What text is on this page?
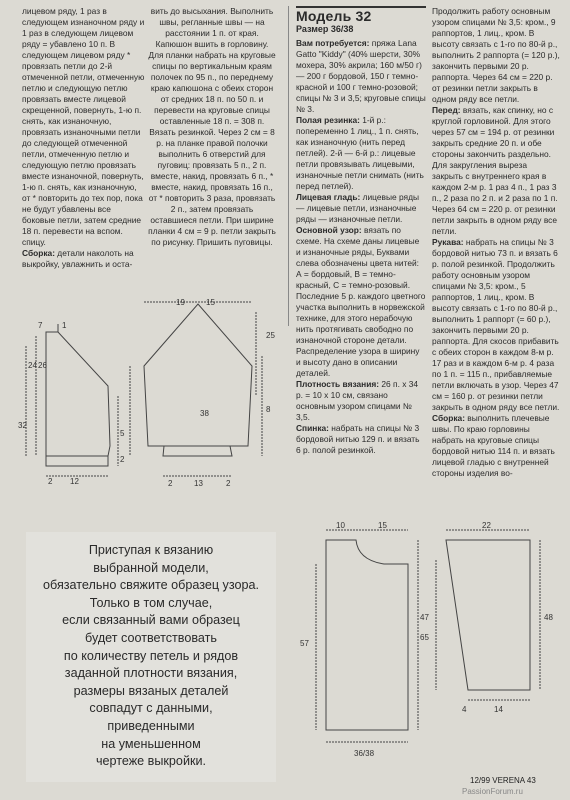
лицевом ряду, 1 раз в следующем изнаночном ряду и 1 раз в следующем лицевом ряду = убавлено 10 п. В следующем лицевом ряду * провязать петли до 2-й отмеченной петли, отмеченную петлю и следующую петлю провязать вместе лицевой скрещенной, повернуть, 1-ю п. снять, как изнаночную, провязать изнаночными петли до следующей отмеченной петли, отмеченную петлю и следующую петлю провязать вместе изнаночной, повернуть, 1-ю п. снять, как изнаночную, от * повторить до тех пор, пока не будут убавлены все боковые петли, затем средние 18 п. перевести на вспом. спицу.

Сборка: детали наколоть на выкройку, увлажнить и оста-

вить до высыхания. Выполнить швы, регланные швы — на расстоянии 1 п. от края. Капюшон вшить в горловину. Для планки набрать на круговые спицы по вертикальным краям полочек по 95 п., по переднему краю капюшона с обеих сторон от средних 18 п. по 50 п. и перевести на круговые спицы оставленные 18 п. = 308 п. Вязать резинкой. Через 2 см = 8 р. на планке правой полочки выполнить 6 отверстий для пуговиц: провязать 5 п., 2 п. вместе, накид, провязать 6 п., * вместе, накид, провязать 16 п., от * повторить 3 раза, провязать 2 п., затем провязать оставшиеся петли. При ширине планки 4 см = 9 р. петли закрыть по рисунку. Пришить пуговицы.

Модель 32
Размер 36/38

Вам потребуется: пряжа Lana Gatto "Kiddy" (40% шерсти, 30% мохера, 30% акрила; 160 м/50 г) — 200 г бордовой, 150 г темно-красной и 100 г темно-розовой; спицы № 3 и 3,5; круговые спицы № 3.

Полая резинка: 1-й р.: попеременно 1 лиц., 1 п. снять, как изнаночную (нить перед петлей). 2-й — 6-й р.: лицевые петли провязывать лицевыми, изнаночные петли снимать (нить перед петлей).

Лицевая гладь: лицевые ряды — лицевые петли, изнаночные ряды — изнаночные петли.

Основной узор: вязать по схеме. На схеме даны лицевые и изнаночные ряды, Буквами слева обозначены цвета нитей: А = бордовый, В = темно-красный, С = темно-розовый. Последние 5 р. каждого цветного участка выполнить в норвежской технике, для этого нерабочую нить протягивать свободно по изнаночной стороне детали. Распределение узора в ширину и высоту дано в описании деталей.

Плотность вязания: 26 п. x 34 р. = 10 x 10 см, связано основным узором спицами № 3,5.

Спинка: набрать на спицы № 3 бордовой нитью 129 п. и вязать 6 р. полой резинкой.

Продолжить работу основным узором спицами № 3,5: кром., 9 раппортов, 1 лиц., кром. В высоту связать с 1-го по 80-й р., выполнить 2 раппорта (= 120 р.), закончить первыми 20 р. раппорта. Через 64 см = 220 р. от резинки петли закрыть в одном ряду все петли.

Перед: вязать, как спинку, но с круглой горловиной. Для этого через 57 см = 194 р. от резинки закрыть средние 20 п. и обе стороны закончить раздельно. Для закругления выреза закрыть с внутреннего края в каждом 2-м р. 1 раз 4 п., 1 раз 3 п., 2 раза по 2 п. и 2 раза по 1 п. Через 64 см = 220 р. от резинки петли закрыть в одном ряду все петли.

Рукава: набрать на спицы № 3 бордовой нитью 73 п. и вязать 6 р. полой резинкой. Продолжить работу основным узором спицами № 3,5: кром., 5 раппортов, 1 лиц., кром. В высоту связать с 1-го по 80-й р., выполнить 1 раппорт (= 60 р.), закончить первыми 20 р. раппорта. Для скосов прибавить с обеих сторон в каждом 8-м р. 17 раз и в каждом 6-м р. 4 раза по 1 п. = 115 п., прибавляемые петли включать в узор. Через 47 см = 160 р. от резинки петли закрыть в одном ряду все петли.

Сборка: выполнить плечевые швы. По краю горловины набрать на круговые спицы бордовой нитью 114 п. и вязать лицевой гладью с внутренней стороны изделия во-

7 1
26
24
32
2 12
5
2
19	15
25
38	8
2	13	2
Приступая к вязанию
выбранной модели,
обязательно свяжите образец узора.
Только в том случае,
если связанный вами образец
будет соответствовать
по количеству петель и рядов
заданной плотности вязания,
размеры вязаных деталей
совпадут с данными,
приведенными
на уменьшенном
чертеже выкройки.
10	15
57
65
36/38
22
47	48
14
4
12/99 VERENA 43
PassionForum.ru
